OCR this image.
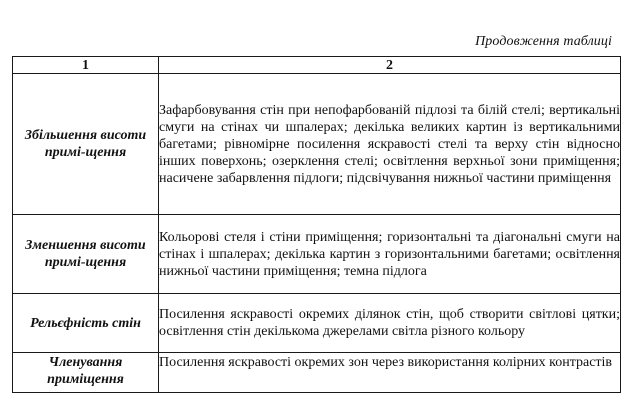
Продовження таблиці
1	2
Збільшення висоти примі-щення	Зафарбовування стін при непофарбованій підлозі та білій стелі; вертикальні смуги на стінах чи шпалерах; декілька великих картин із вертикальними багетами; рівномірне посилення яскравості стелі та верху стін відносно інших поверхонь; озерклення стелі; освітлення верхньої зони приміщення; насичене забарвлення підлоги; підсвічування нижньої частини приміщення

Зменшення висоти примі-щення	Кольорові стеля і стіни приміщення; горизонтальні та діагональні смуги на стінах і шпалерах; декілька картин з горизонтальними багетами; освітлення нижньої частини приміщення; темна підлога

Рельєфність стін	Посилення яскравості окремих ділянок стін, щоб створити світлові цятки; освітлення стін декількома джерелами світла різного кольору

Членування приміщення	Посилення яскравості окремих зон через використання колірних контрастів
